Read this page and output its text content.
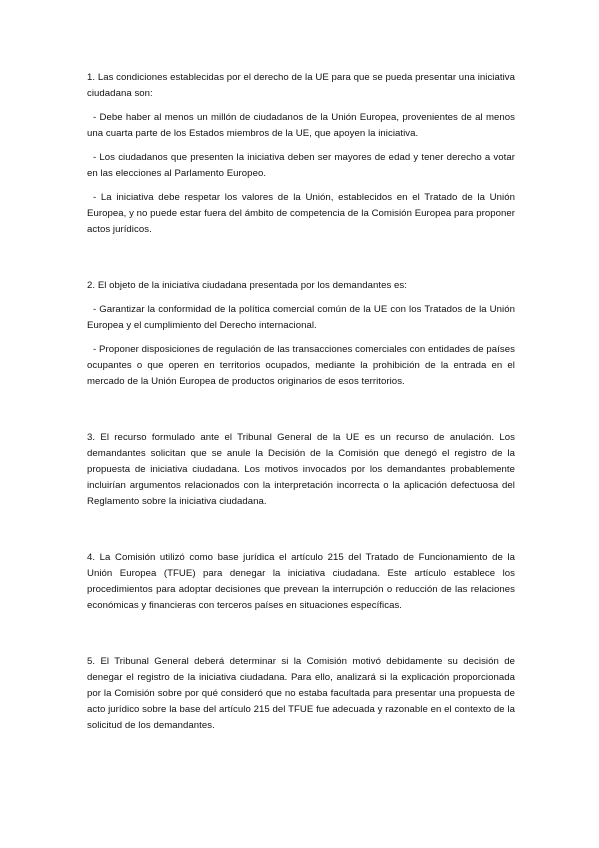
1. Las condiciones establecidas por el derecho de la UE para que se pueda presentar una iniciativa ciudadana son:

- Debe haber al menos un millón de ciudadanos de la Unión Europea, provenientes de al menos una cuarta parte de los Estados miembros de la UE, que apoyen la iniciativa.

- Los ciudadanos que presenten la iniciativa deben ser mayores de edad y tener derecho a votar en las elecciones al Parlamento Europeo.

- La iniciativa debe respetar los valores de la Unión, establecidos en el Tratado de la Unión Europea, y no puede estar fuera del ámbito de competencia de la Comisión Europea para proponer actos jurídicos.

2. El objeto de la iniciativa ciudadana presentada por los demandantes es:

- Garantizar la conformidad de la política comercial común de la UE con los Tratados de la Unión Europea y el cumplimiento del Derecho internacional.

- Proponer disposiciones de regulación de las transacciones comerciales con entidades de países ocupantes o que operen en territorios ocupados, mediante la prohibición de la entrada en el mercado de la Unión Europea de productos originarios de esos territorios.

3. El recurso formulado ante el Tribunal General de la UE es un recurso de anulación. Los demandantes solicitan que se anule la Decisión de la Comisión que denegó el registro de la propuesta de iniciativa ciudadana. Los motivos invocados por los demandantes probablemente incluirían argumentos relacionados con la interpretación incorrecta o la aplicación defectuosa del Reglamento sobre la iniciativa ciudadana.

4. La Comisión utilizó como base jurídica el artículo 215 del Tratado de Funcionamiento de la Unión Europea (TFUE) para denegar la iniciativa ciudadana. Este artículo establece los procedimientos para adoptar decisiones que prevean la interrupción o reducción de las relaciones económicas y financieras con terceros países en situaciones específicas.

5. El Tribunal General deberá determinar si la Comisión motivó debidamente su decisión de denegar el registro de la iniciativa ciudadana. Para ello, analizará si la explicación proporcionada por la Comisión sobre por qué consideró que no estaba facultada para presentar una propuesta de acto jurídico sobre la base del artículo 215 del TFUE fue adecuada y razonable en el contexto de la solicitud de los demandantes.
